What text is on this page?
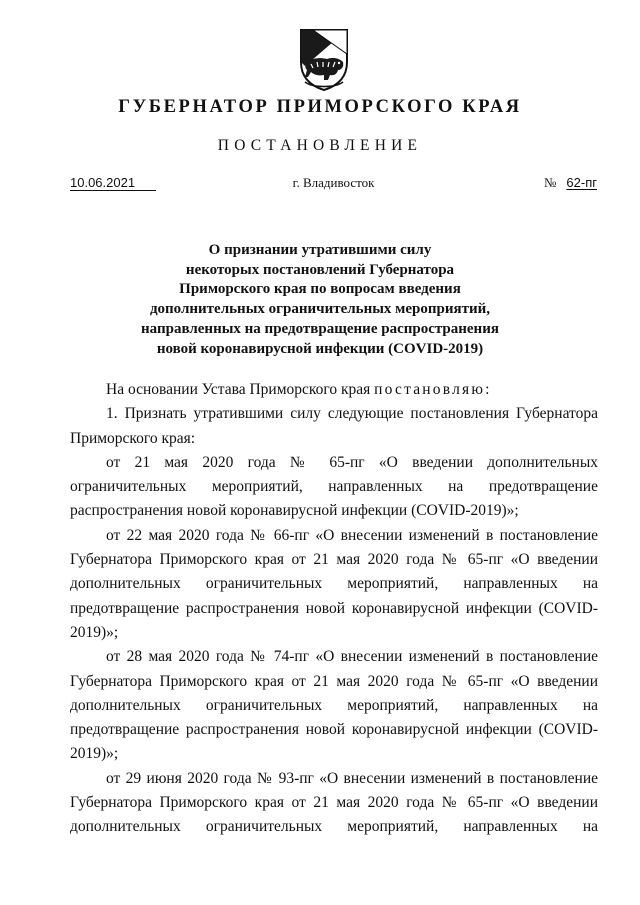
ГУБЕРНАТОР ПРИМОРСКОГО КРАЯ
ПОСТАНОВЛЕНИЕ
10.06.2021	г. Владивосток	№ 62-пг
О признании утратившими силу
некоторых постановлений Губернатора
Приморского края по вопросам введения
дополнительных ограничительных мероприятий,
направленных на предотвращение распространения
новой коронавирусной инфекции (COVID-2019)

На основании Устава Приморского края постановляю:

1. Признать утратившими силу следующие постановления Губернатора Приморского края:

от 21 мая 2020 года № 65-пг «О введении дополнительных ограничительных мероприятий, направленных на предотвращение распространения новой коронавирусной инфекции (COVID-2019)»;

от 22 мая 2020 года № 66-пг «О внесении изменений в постановление Губернатора Приморского края от 21 мая 2020 года № 65-пг «О введении дополнительных ограничительных мероприятий, направленных на предотвращение распространения новой коронавирусной инфекции (COVID-2019)»;

от 28 мая 2020 года № 74-пг «О внесении изменений в постановление Губернатора Приморского края от 21 мая 2020 года № 65-пг «О введении дополнительных ограничительных мероприятий, направленных на предотвращение распространения новой коронавирусной инфекции (COVID-2019)»;

от 29 июня 2020 года № 93-пг «О внесении изменений в постановление Губернатора Приморского края от 21 мая 2020 года № 65-пг «О введении дополнительных ограничительных мероприятий, направленных на
